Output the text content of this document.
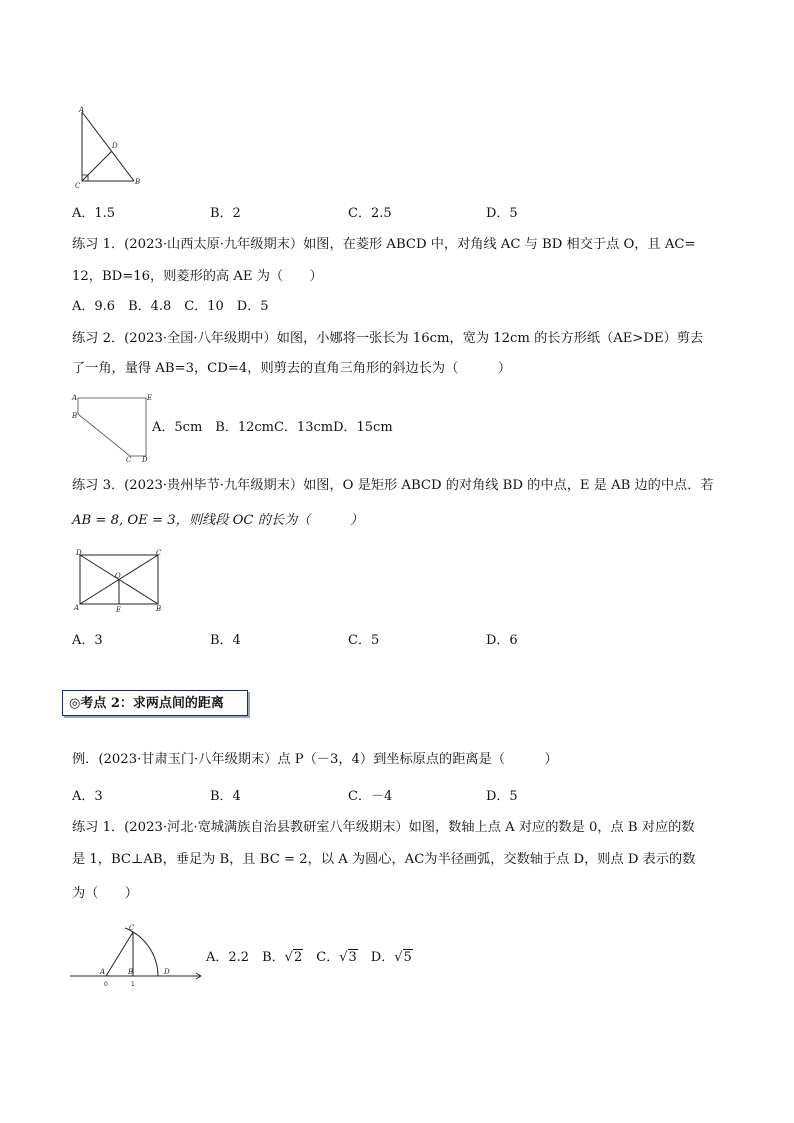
A
D
C	B
A．1.5	B．2	C．2.5	D．5
练习 1．(2023·山西太原·九年级期末）如图，在菱形 ABCD 中，对角线 AC 与 BD 相交于点 O，且 AC=
12，BD=16，则菱形的高 AE 为（　　）
A．9.6　B．4.8　C．10　D．5
练习 2．(2023·全国·八年级期中）如图，小娜将一张长为 16cm，宽为 12cm 的长方形纸（AE>DE）剪去
了一角，量得 AB=3，CD=4，则剪去的直角三角形的斜边长为（　　　）
A	E
B
C D
A．5cm　B．12cmC．13cmD．15cm
练习 3．(2023·贵州毕节·九年级期末）如图，O 是矩形 ABCD 的对角线 BD 的中点，E 是 AB 边的中点．若
AB = 8, OE = 3，则线段 OC 的长为（　　　）
D	C
O
A	E	B
A．3	B．4	C．5	D．6
◎考点 2：求两点间的距离
例．(2023·甘肃玉门·八年级期末）点 P（－3，4）到坐标原点的距离是（　　　）
A．3	B．4	C．－4	D．5
练习 1．(2023·河北·宽城满族自治县教研室八年级期末）如图，数轴上点 A 对应的数是 0，点 B 对应的数
是 1，BC⊥AB，垂足为 B，且 BC = 2，以 A 为圆心，AC为半径画弧，交数轴于点 D，则点 D 表示的数
为（　　）
C
A	B	D
0	1
A．2.2　 B．√2　 C．√3　 D．√5
